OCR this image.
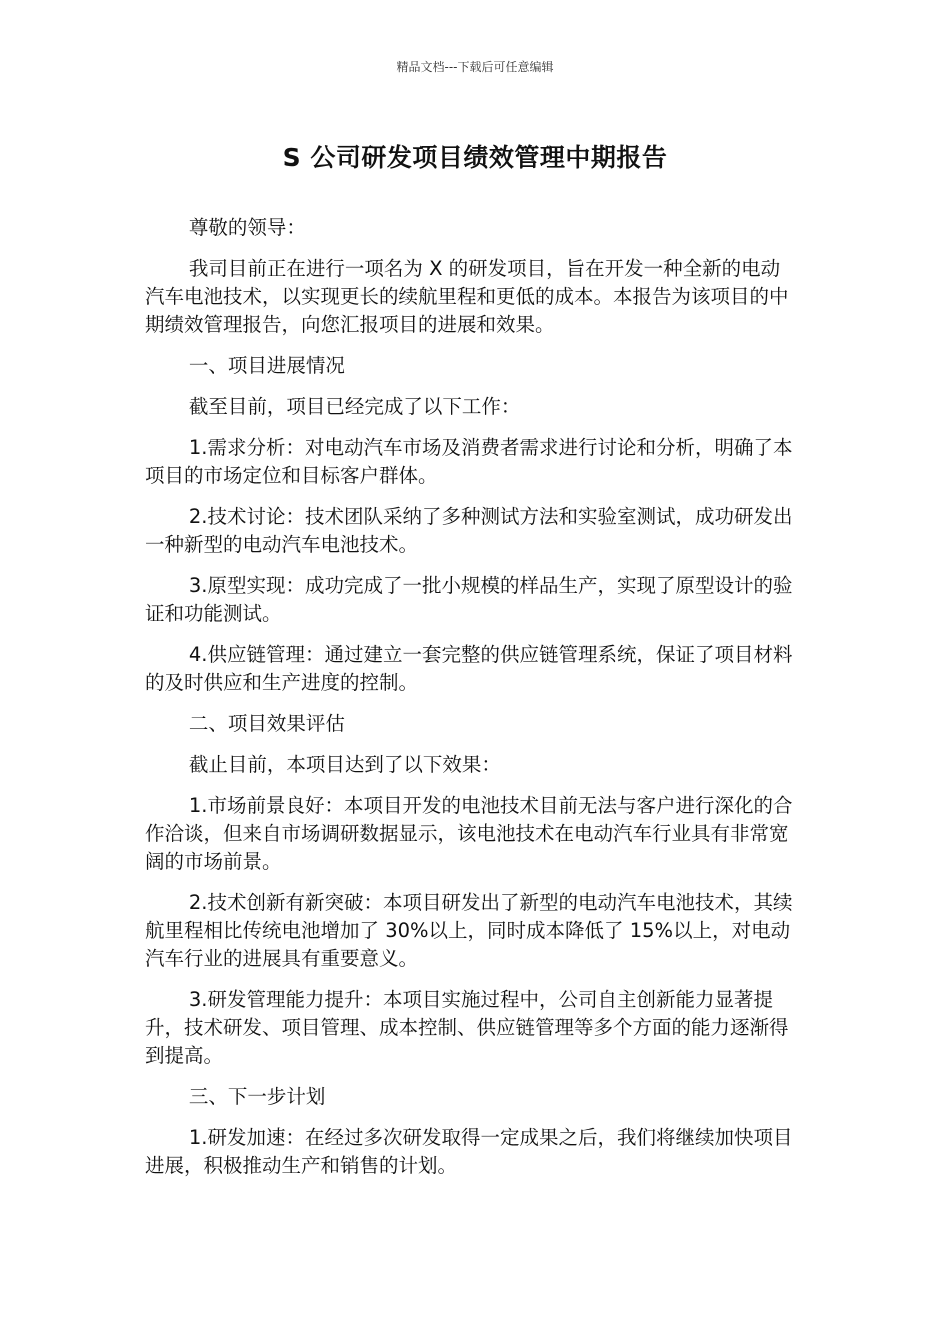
精品文档---下载后可任意编辑
S 公司研发项目绩效管理中期报告

尊敬的领导：

我司目前正在进行一项名为 X 的研发项目，旨在开发一种全新的电动汽车电池技术，以实现更长的续航里程和更低的成本。本报告为该项目的中期绩效管理报告，向您汇报项目的进展和效果。

一、项目进展情况

截至目前，项目已经完成了以下工作：

1.需求分析：对电动汽车市场及消费者需求进行讨论和分析，明确了本项目的市场定位和目标客户群体。

2.技术讨论：技术团队采纳了多种测试方法和实验室测试，成功研发出一种新型的电动汽车电池技术。

3.原型实现：成功完成了一批小规模的样品生产，实现了原型设计的验证和功能测试。

4.供应链管理：通过建立一套完整的供应链管理系统，保证了项目材料的及时供应和生产进度的控制。

二、项目效果评估

截止目前，本项目达到了以下效果：

1.市场前景良好：本项目开发的电池技术目前无法与客户进行深化的合作洽谈，但来自市场调研数据显示，该电池技术在电动汽车行业具有非常宽阔的市场前景。

2.技术创新有新突破：本项目研发出了新型的电动汽车电池技术，其续航里程相比传统电池增加了 30%以上，同时成本降低了 15%以上，对电动汽车行业的进展具有重要意义。

3.研发管理能力提升：本项目实施过程中，公司自主创新能力显著提升，技术研发、项目管理、成本控制、供应链管理等多个方面的能力逐渐得到提高。

三、下一步计划

1.研发加速：在经过多次研发取得一定成果之后，我们将继续加快项目进展，积极推动生产和销售的计划。
